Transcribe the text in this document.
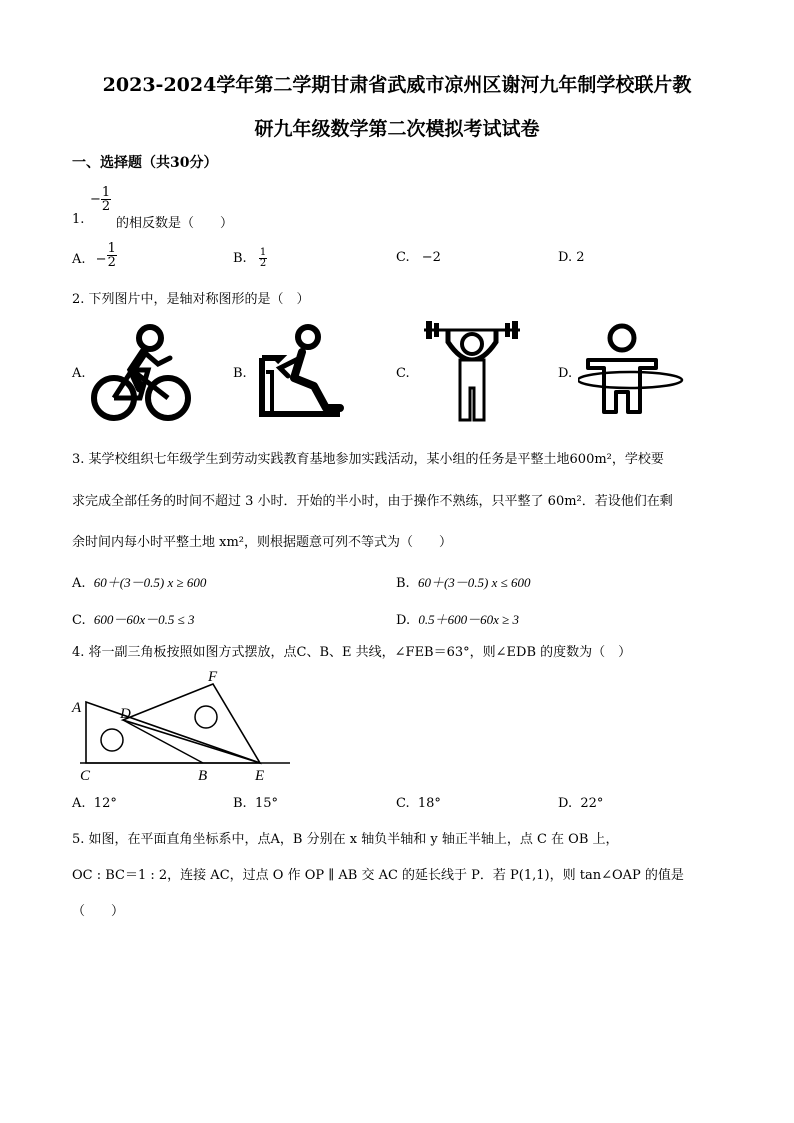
2023-2024学年第二学期甘肃省武威市凉州区谢河九年制学校联片教
研九年级数学第二次模拟考试试卷
一、选择题（共30分）
1.
− $\frac{1}{2}$
的相反数是（　　）
A. − $\frac{1}{2}$	B. $\frac{1}{2}$	C. −2	D. 2
2. 下列图片中，是轴对称图形的是（　）
A.	B.	C.	D.
3. 某学校组织七年级学生到劳动实践教育基地参加实践活动，某小组的任务是平整土地600m²，学校要
求完成全部任务的时间不超过 3 小时．开始的半小时，由于操作不熟练，只平整了 60m²．若设他们在剩
余时间内每小时平整土地 xm²，则根据题意可列不等式为（　　）
A. 60＋(3－0.5) x ≥ 600	B. 60＋(3－0.5) x ≤ 600
C. 600－60x－0.5 ≤ 3	D. 0.5＋600－60x ≥ 3
4. 将一副三角板按照如图方式摆放，点C、B、E 共线，∠FEB＝63°，则∠EDB 的度数为（　）
A	D
F
C	B	E
A. 12°	B. 15°	C. 18°	D. 22°
5. 如图，在平面直角坐标系中，点A，B 分别在 x 轴负半轴和 y 轴正半轴上，点 C 在 OB 上，
OC : BC＝1 : 2，连接 AC，过点 O 作 OP ∥ AB 交 AC 的延长线于 P．若 P(1,1)，则 tan∠OAP 的值是
（　　）
